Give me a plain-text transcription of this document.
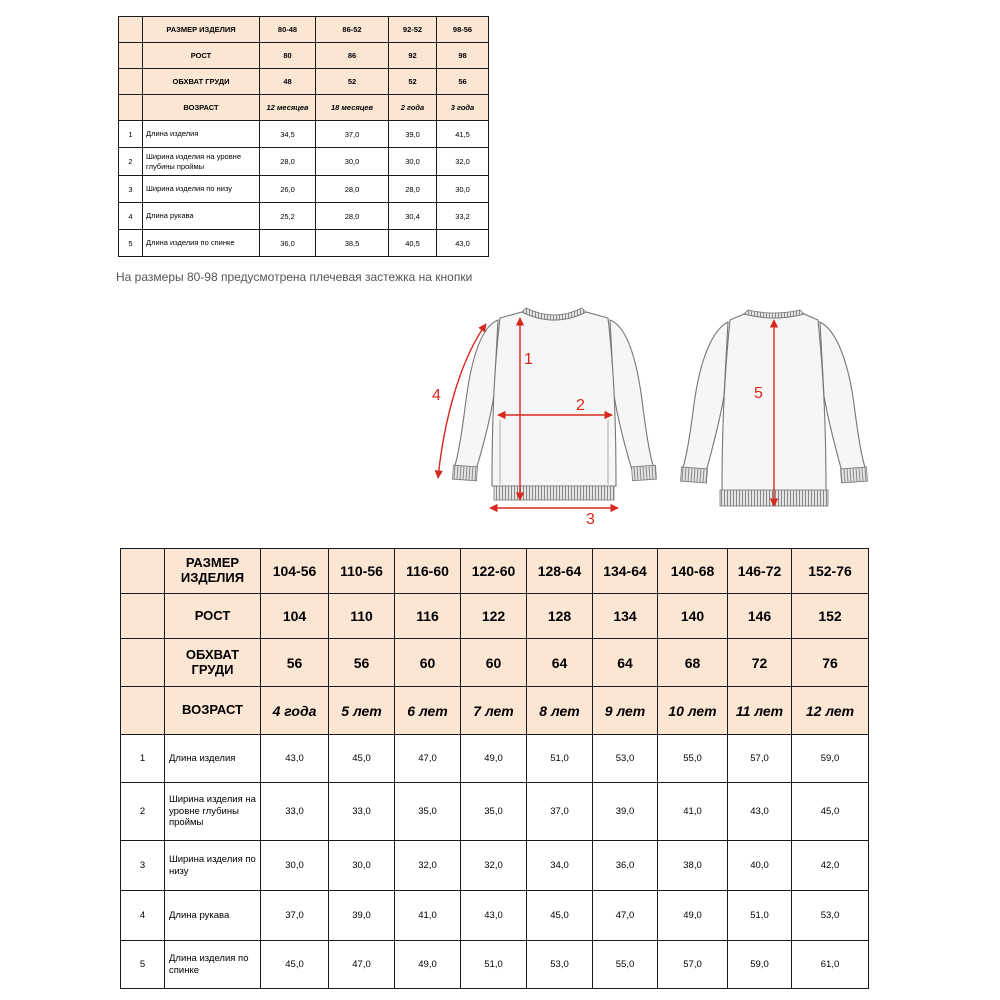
	РАЗМЕР ИЗДЕЛИЯ	80-48	86-52	92-52	98-56
	РОСТ	80	86	92	98
	ОБХВАТ ГРУДИ	48	52	52	56
	ВОЗРАСТ	12 месяцев	18 месяцев	2 года	3 года
1	Длина изделия	34,5	37,0	39,0	41,5
2	Ширина изделия на уровне глубины проймы	28,0	30,0	30,0	32,0
3	Ширина изделия по низу	26,0	28,0	28,0	30,0
4	Длина рукава	25,2	28,0	30,4	33,2
5	Длина изделия по спинке	36,0	38,5	40,5	43,0
На размеры 80-98 предусмотрена плечевая застежка на кнопки
1
2
3
4	5
	РАЗМЕР ИЗДЕЛИЯ	104-56	110-56	116-60	122-60	128-64	134-64	140-68	146-72	152-76
	РОСТ	104	110	116	122	128	134	140	146	152
	ОБХВАТ ГРУДИ	56	56	60	60	64	64	68	72	76
	ВОЗРАСТ	4 года	5 лет	6 лет	7 лет	8 лет	9 лет	10 лет	11 лет	12 лет
1	Длина изделия	43,0	45,0	47,0	49,0	51,0	53,0	55,0	57,0	59,0
2	Ширина изделия на уровне глубины проймы	33,0	33,0	35,0	35,0	37,0	39,0	41,0	43,0	45,0
3	Ширина изделия по низу	30,0	30,0	32,0	32,0	34,0	36,0	38,0	40,0	42,0
4	Длина рукава	37,0	39,0	41,0	43,0	45,0	47,0	49,0	51,0	53,0
5	Длина изделия по спинке	45,0	47,0	49,0	51,0	53,0	55,0	57,0	59,0	61,0
